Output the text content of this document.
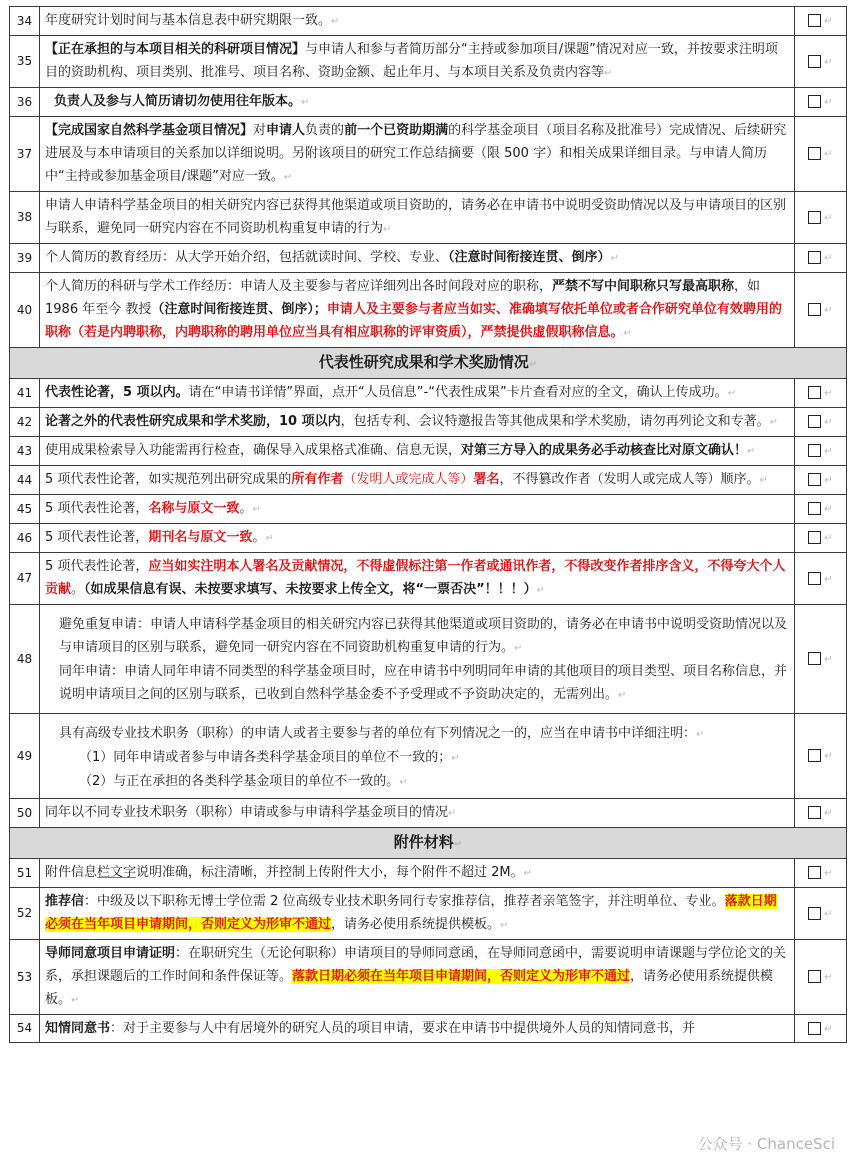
34	年度研究计划时间与基本信息表中研究期限一致。↵	↵
35	【正在承担的与本项目相关的科研项目情况】与申请人和参与者简历部分“主持或参加项目/课题”情况对应一致，并按要求注明项目的资助机构、项目类别、批准号、项目名称、资助金额、起止年月、与本项目关系及负责内容等↵	↵
36	负责人及参与人简历请切勿使用往年版本。↵	↵
37	【完成国家自然科学基金项目情况】对申请人负责的前一个已资助期满的科学基金项目（项目名称及批准号）完成情况、后续研究进展及与本申请项目的关系加以详细说明。另附该项目的研究工作总结摘要（限 500 字）和相关成果详细目录。与申请人简历中“主持或参加基金项目/课题”对应一致。↵	↵
38	申请人申请科学基金项目的相关研究内容已获得其他渠道或项目资助的，请务必在申请书中说明受资助情况以及与申请项目的区别与联系，避免同一研究内容在不同资助机构重复申请的行为↵	↵
39	个人简历的教育经历：从大学开始介绍，包括就读时间、学校、专业、（注意时间衔接连贯、倒序）↵	↵
40	个人简历的科研与学术工作经历：申请人及主要参与者应详细列出各时间段对应的职称，严禁不写中间职称只写最高职称，如 1986 年至今 教授（注意时间衔接连贯、倒序）；申请人及主要参与者应当如实、准确填写依托单位或者合作研究单位有效聘用的职称（若是内聘职称，内聘职称的聘用单位应当具有相应职称的评审资质），严禁提供虚假职称信息。↵	↵
代表性研究成果和学术奖励情况↵		
41	代表性论著，5 项以内。请在“申请书详情”界面，点开“人员信息”-“代表性成果”卡片查看对应的全文，确认上传成功。↵	↵
42	论著之外的代表性研究成果和学术奖励，10 项以内，包括专利、会议特邀报告等其他成果和学术奖励，请勿再列论文和专著。↵	↵
43	使用成果检索导入功能需再行检查，确保导入成果格式准确、信息无误，对第三方导入的成果务必手动核查比对原文确认！↵	↵
44	5 项代表性论著，如实规范列出研究成果的所有作者（发明人或完成人等）署名，不得篡改作者（发明人或完成人等）顺序。↵	↵
45	5 项代表性论著，名称与原文一致。↵	↵
46	5 项代表性论著，期刊名与原文一致。↵	↵
47	5 项代表性论著，应当如实注明本人署名及贡献情况，不得虚假标注第一作者或通讯作者，不得改变作者排序含义，不得夸大个人贡献。（如成果信息有误、未按要求填写、未按要求上传全文，将“一票否决”！！！）↵	↵
48	避免重复申请：申请人申请科学基金项目的相关研究内容已获得其他渠道或项目资助的，请务必在申请书中说明受资助情况以及与申请项目的区别与联系，避免同一研究内容在不同资助机构重复申请的行为。↵

同年申请：申请人同年申请不同类型的科学基金项目时，应在申请书中列明同年申请的其他项目的项目类型、项目名称信息，并说明申请项目之间的区别与联系，已收到自然科学基金委不予受理或不予资助决定的，无需列出。↵	↵
49	具有高级专业技术职务（职称）的申请人或者主要参与者的单位有下列情况之一的，应当在申请书中详细注明：↵

（1）同年申请或者参与申请各类科学基金项目的单位不一致的；↵

（2）与正在承担的各类科学基金项目的单位不一致的。↵	↵
50	同年以不同专业技术职务（职称）申请或参与申请科学基金项目的情况↵	↵
附件材料↵		
51	附件信息栏文字说明准确，标注清晰，并控制上传附件大小，每个附件不超过 2M。↵	↵
52	推荐信：中级及以下职称无博士学位需 2 位高级专业技术职务同行专家推荐信，推荐者亲笔签字，并注明单位、专业。落款日期必须在当年项目申请期间，否则定义为形审不通过，请务必使用系统提供模板。↵	↵
53	导师同意项目申请证明：在职研究生（无论何职称）申请项目的导师同意函，在导师同意函中，需要说明申请课题与学位论文的关系，承担课题后的工作时间和条件保证等。落款日期必须在当年项目申请期间，否则定义为形审不通过，请务必使用系统提供模板。↵	↵
54	知情同意书：对于主要参与人中有居境外的研究人员的项目申请，要求在申请书中提供境外人员的知情同意书，并	↵
公众号 · ChanceSci
